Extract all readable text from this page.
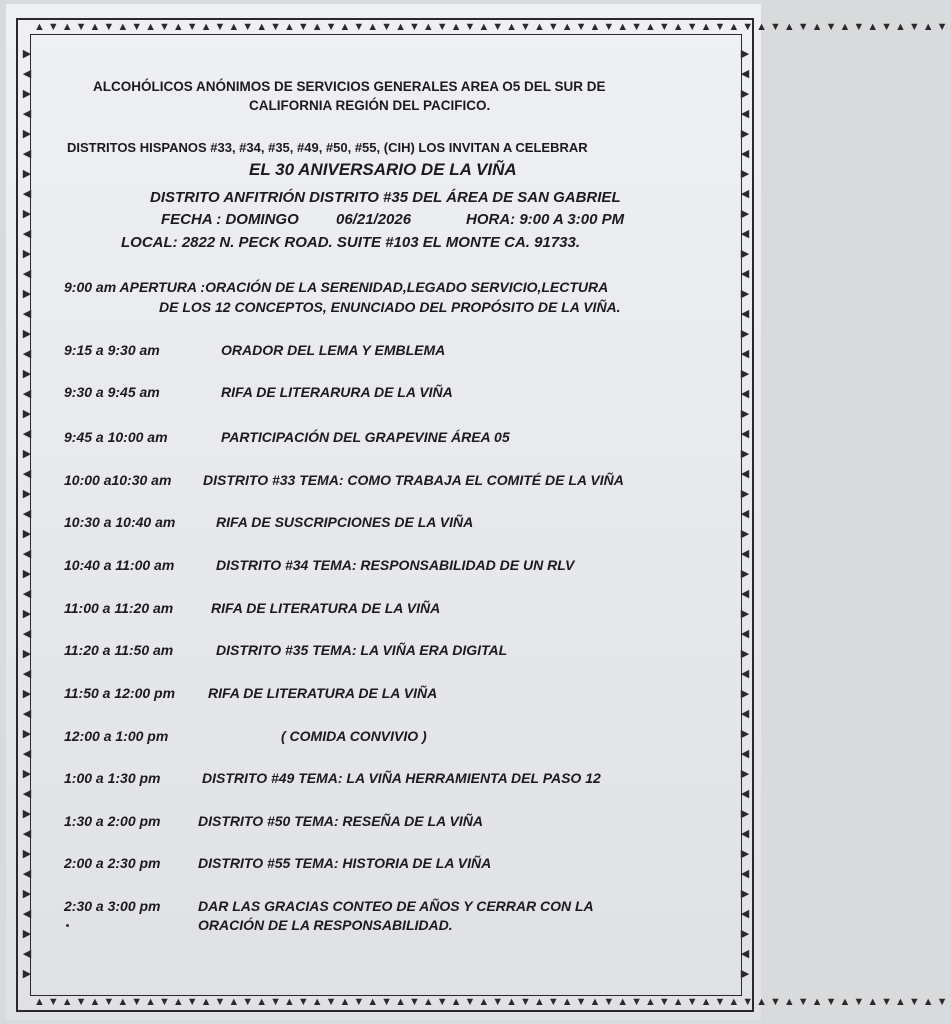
▲▼▲▼▲▼▲▼▲▼▲▼▲▼▲▼▲▼▲▼▲▼▲▼▲▼▲▼▲▼▲▼▲▼▲▼▲▼▲▼▲▼▲▼▲▼▲▼▲▼▲▼▲▼▲▼▲▼▲▼▲▼▲▼▲▼
▲▼▲▼▲▼▲▼▲▼▲▼▲▼▲▼▲▼▲▼▲▼▲▼▲▼▲▼▲▼▲▼▲▼▲▼▲▼▲▼▲▼▲▼▲▼▲▼▲▼▲▼▲▼▲▼▲▼▲▼▲▼▲▼▲▼
▶
◀
▶
◀
▶
◀
▶
◀
▶
◀
▶
◀
▶
◀
▶
◀
▶
◀
▶
◀
▶
◀
▶
◀
▶
◀
▶
◀
▶
◀
▶
◀
▶
◀
▶
◀
▶
◀
▶
◀
▶
◀
▶
◀
▶
◀
▶

▶
◀
▶
◀
▶
◀
▶
◀
▶
◀
▶
◀
▶
◀
▶
◀
▶
◀
▶
◀
▶
◀
▶
◀
▶
◀
▶
◀
▶
◀
▶
◀
▶
◀
▶
◀
▶
◀
▶
◀
▶
◀
▶
◀
▶
◀
▶

ALCOHÓLICOS ANÓNIMOS DE SERVICIOS GENERALES AREA O5 DEL SUR DE
CALIFORNIA REGIÓN DEL PACIFICO.
DISTRITOS HISPANOS #33, #34, #35, #49, #50, #55, (CIH) LOS INVITAN A CELEBRAR
EL 30 ANIVERSARIO DE LA VIÑA
DISTRITO ANFITRIÓN DISTRITO #35 DEL ÁREA DE SAN GABRIEL
FECHA : DOMINGO 06/21/2026	HORA: 9:00 A 3:00 PM
LOCAL: 2822 N. PECK ROAD. SUITE #103 EL MONTE CA. 91733.
9:00 am APERTURA :ORACIÓN DE LA SERENIDAD,LEGADO SERVICIO,LECTURA
DE LOS 12 CONCEPTOS, ENUNCIADO DEL PROPÓSITO DE LA VIÑA.
9:15 a 9:30 am	ORADOR DEL LEMA Y EMBLEMA
9:30 a 9:45 am	RIFA DE LITERARURA DE LA VIÑA
9:45 a 10:00 am	PARTICIPACIÓN DEL GRAPEVINE ÁREA 05
10:00 a10:30 am DISTRITO #33 TEMA: COMO TRABAJA EL COMITÉ DE LA VIÑA
10:30 a 10:40 am	RIFA DE SUSCRIPCIONES DE LA VIÑA
10:40 a 11:00 am	DISTRITO #34 TEMA: RESPONSABILIDAD DE UN RLV
11:00 a 11:20 am	RIFA DE LITERATURA DE LA VIÑA
11:20 a 11:50 am	DISTRITO #35 TEMA: LA VIÑA ERA DIGITAL
11:50 a 12:00 pm RIFA DE LITERATURA DE LA VIÑA
12:00 a 1:00 pm	( COMIDA CONVIVIO )
1:00 a 1:30 pm	DISTRITO #49 TEMA: LA VIÑA HERRAMIENTA DEL PASO 12
1:30 a 2:00 pm	DISTRITO #50 TEMA: RESEÑA DE LA VIÑA
2:00 a 2:30 pm	DISTRITO #55 TEMA: HISTORIA DE LA VIÑA
2:30 a 3:00 pm	DAR LAS GRACIAS CONTEO DE AÑOS Y CERRAR CON LA
ORACIÓN DE LA RESPONSABILIDAD.
